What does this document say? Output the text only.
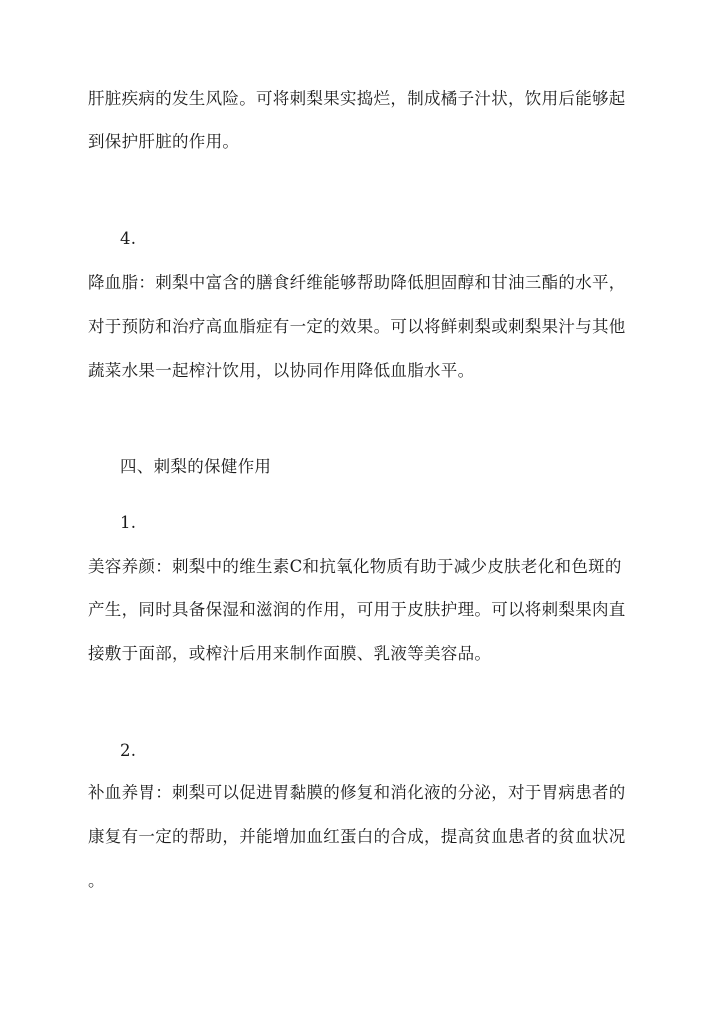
肝脏疾病的发生风险。可将刺梨果实捣烂，制成橘子汁状，饮用后能够起
到保护肝脏的作用。
4.
降血脂：刺梨中富含的膳食纤维能够帮助降低胆固醇和甘油三酯的水平，
对于预防和治疗高血脂症有一定的效果。可以将鲜刺梨或刺梨果汁与其他
蔬菜水果一起榨汁饮用，以协同作用降低血脂水平。
四、刺梨的保健作用
1.
美容养颜：刺梨中的维生素C和抗氧化物质有助于减少皮肤老化和色斑的
产生，同时具备保湿和滋润的作用，可用于皮肤护理。可以将刺梨果肉直
接敷于面部，或榨汁后用来制作面膜、乳液等美容品。
2.
补血养胃：刺梨可以促进胃黏膜的修复和消化液的分泌，对于胃病患者的
康复有一定的帮助，并能增加血红蛋白的合成，提高贫血患者的贫血状况
。
